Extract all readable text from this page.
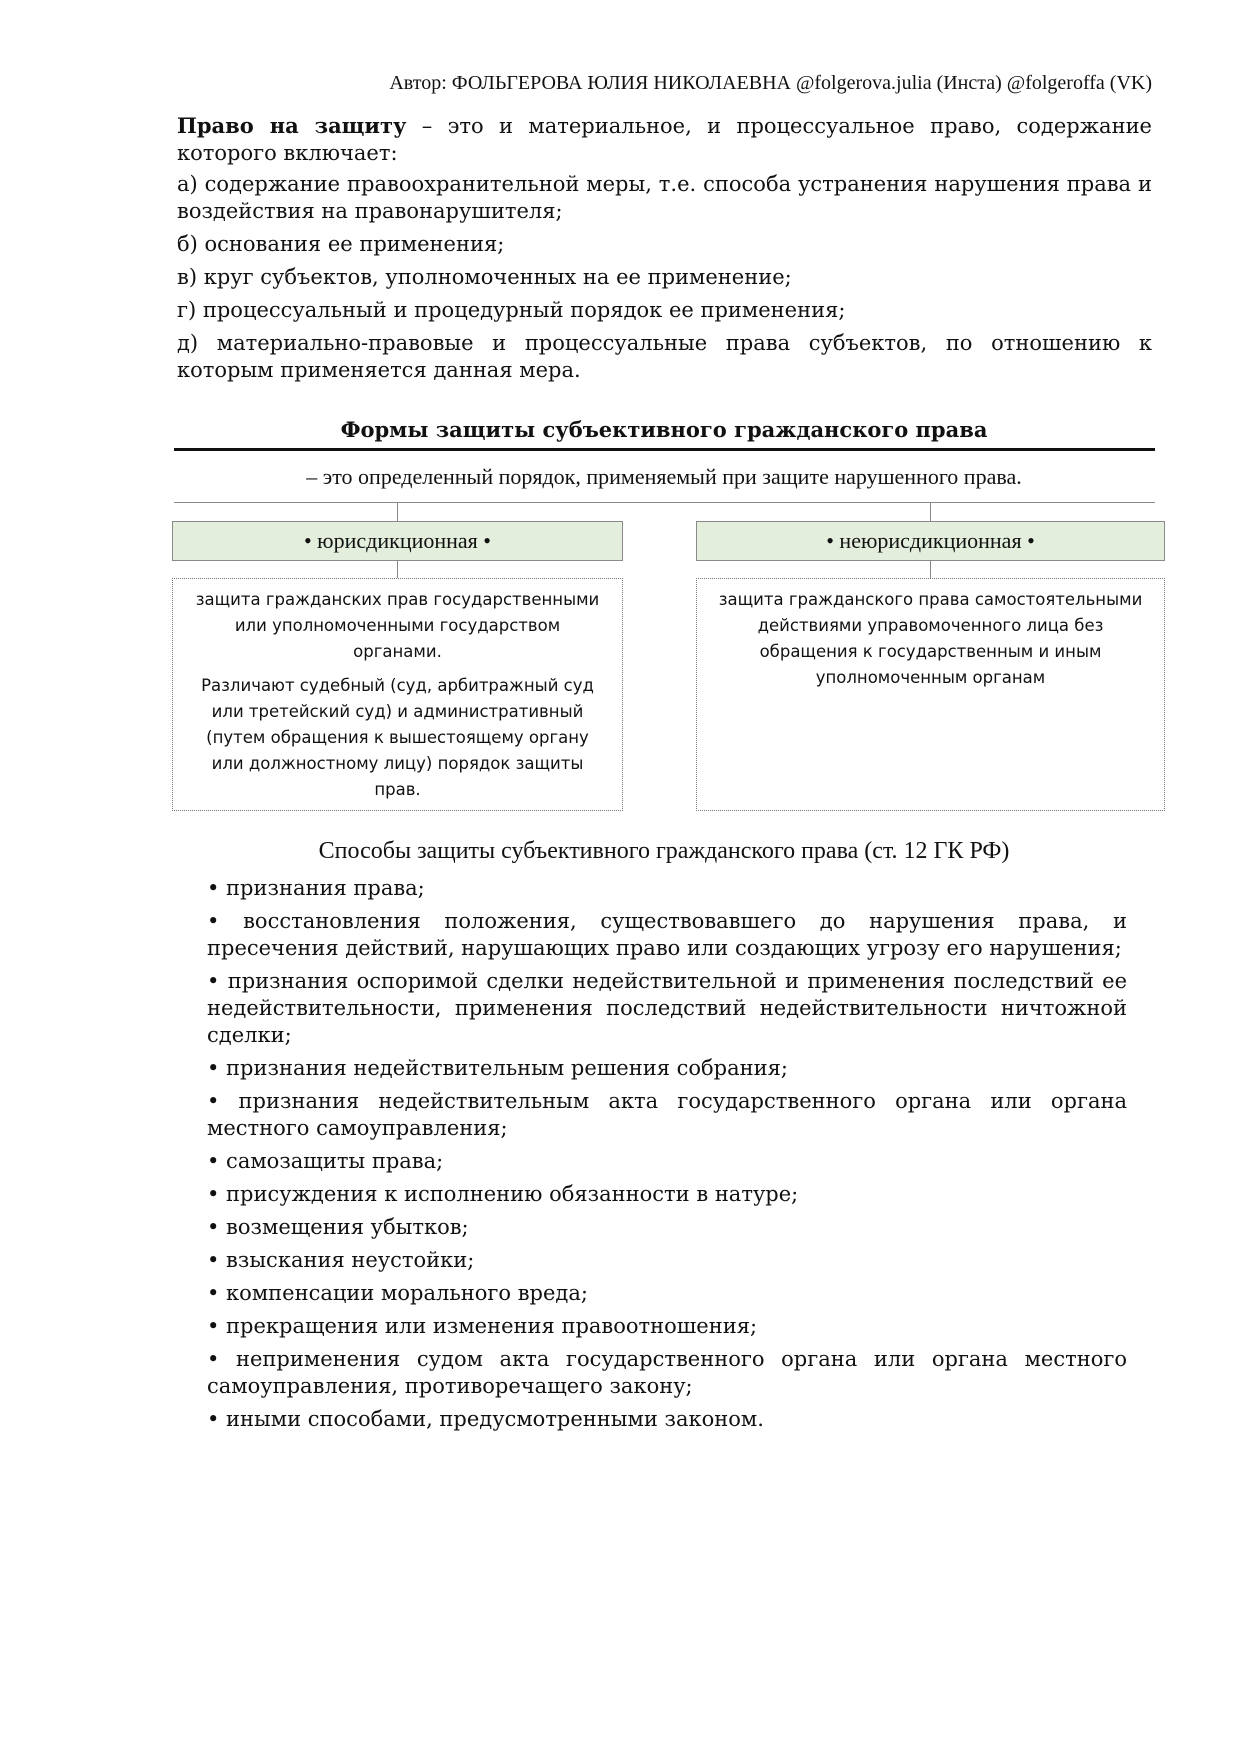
Автор: ФОЛЬГЕРОВА ЮЛИЯ НИКОЛАЕВНА @folgerova.julia (Инста) @folgeroffa (VK)
Право на защиту – это и материальное, и процессуальное право, содержание которого включает:
а) содержание правоохранительной меры, т.е. способа устранения нарушения права и воздействия на правонарушителя;
б) основания ее применения;
в) круг субъектов, уполномоченных на ее применение;
г) процессуальный и процедурный порядок ее применения;
д) материально-правовые и процессуальные права субъектов, по отношению к которым применяется данная мера.
Формы защиты субъективного гражданского права
– это определенный порядок, применяемый при защите нарушенного права.
• юрисдикционная •	• неюрисдикционная •
защита гражданских прав государственными или уполномоченными государством органами.
Различают судебный (суд, арбитражный суд или третейский суд) и административный (путем обращения к вышестоящему органу или должностному лицу) порядок защиты прав.
защита гражданского права самостоятельными действиями управомоченного лица без обращения к государственным и иным уполномоченным органам
Способы защиты субъективного гражданского права (ст. 12 ГК РФ)
• признания права;
• восстановления положения, существовавшего до нарушения права, и пресечения действий, нарушающих право или создающих угрозу его нарушения;
• признания оспоримой сделки недействительной и применения последствий ее недействительности, применения последствий недействительности ничтожной сделки;
• признания недействительным решения собрания;
• признания недействительным акта государственного органа или органа местного самоуправления;
• самозащиты права;
• присуждения к исполнению обязанности в натуре;
• возмещения убытков;
• взыскания неустойки;
• компенсации морального вреда;
• прекращения или изменения правоотношения;
• неприменения судом акта государственного органа или органа местного самоуправления, противоречащего закону;
• иными способами, предусмотренными законом.
